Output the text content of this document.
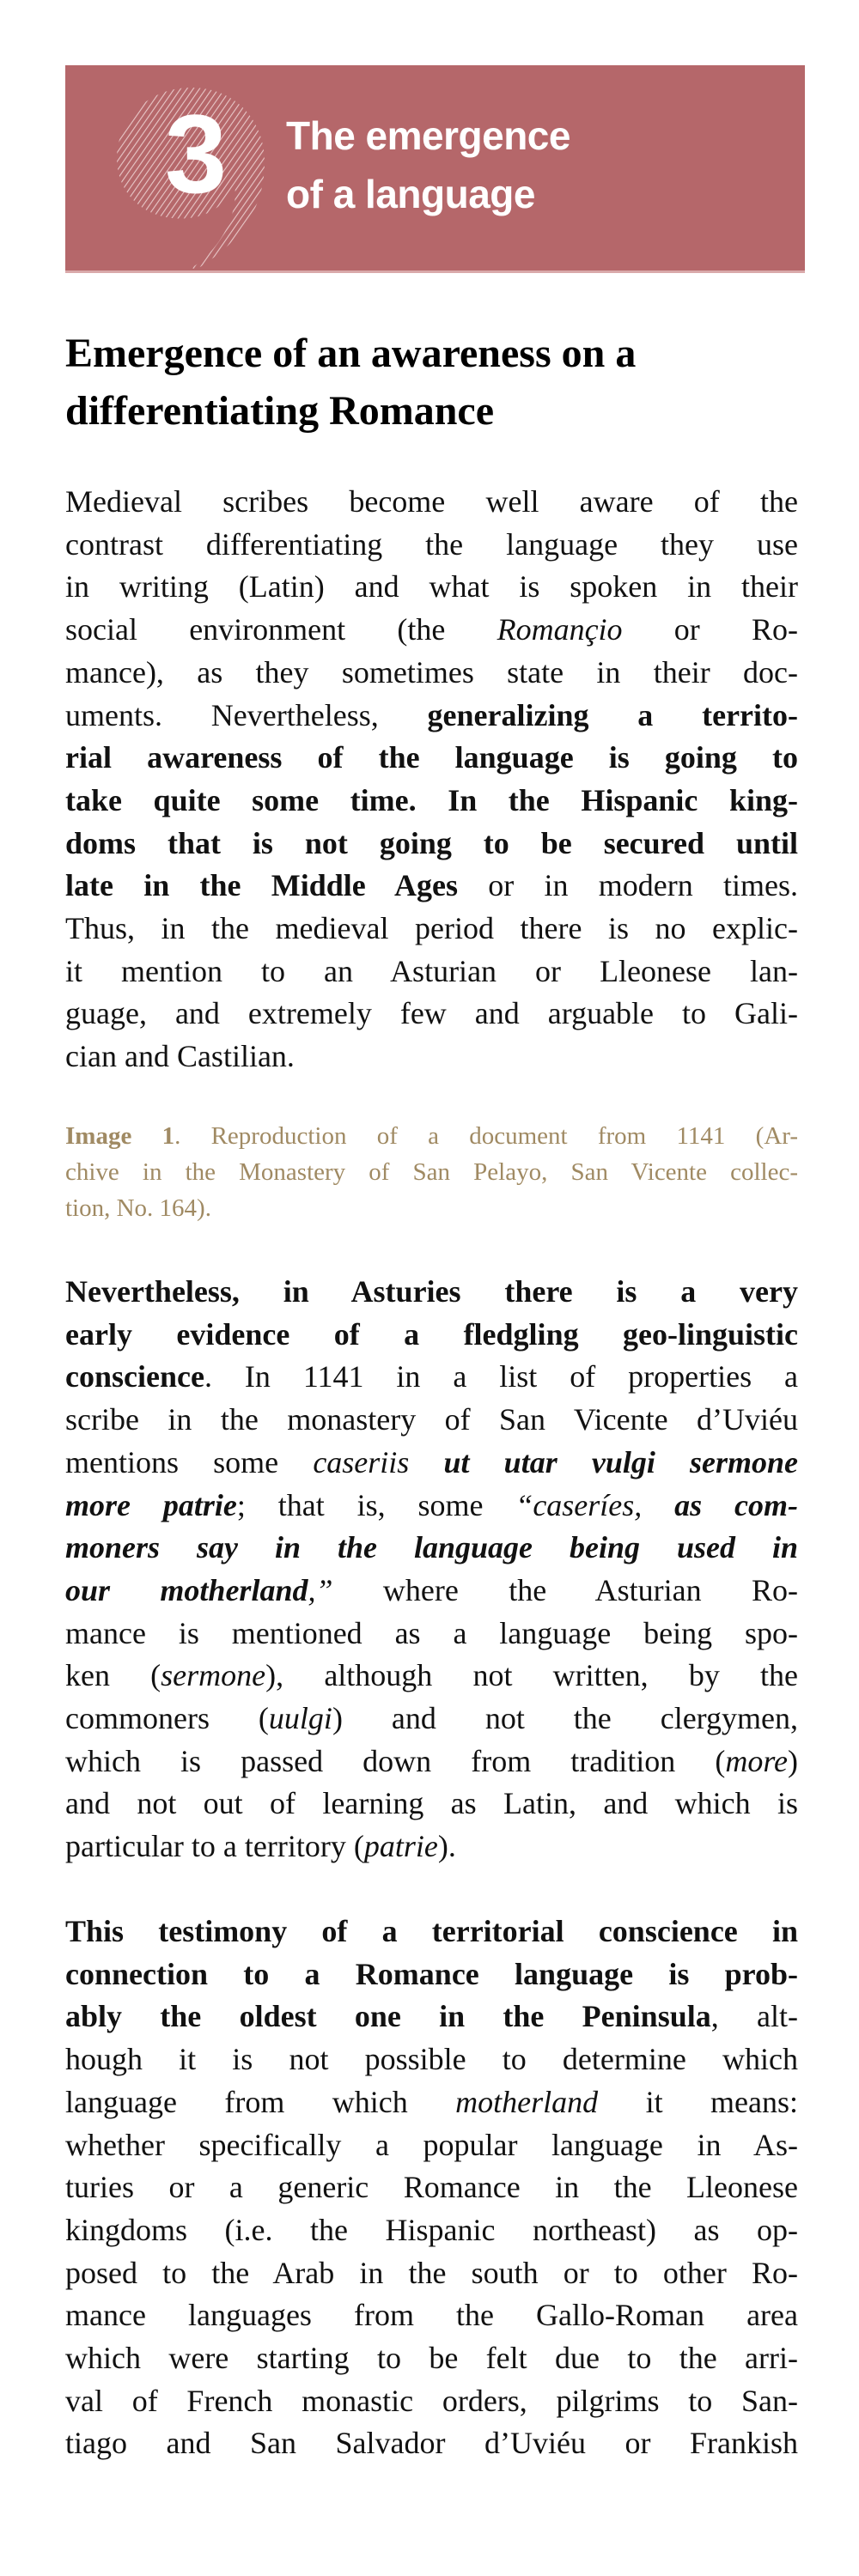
3 The emergence
of a language
Emergence of an awareness on a
differentiating Romance
Medieval scribes become well aware of the
contrast differentiating the language they use
in writing (Latin) and what is spoken in their
social environment (the Romançio or Ro-
mance), as they sometimes state in their doc-
uments. Nevertheless, generalizing a territo-
rial awareness of the language is going to
take quite some time. In the Hispanic king-
doms that is not going to be secured until
late in the Middle Ages or in modern times.
Thus, in the medieval period there is no explic-
it mention to an Asturian or Lleonese lan-
guage, and extremely few and arguable to Gali-
cian and Castilian.
Image 1. Reproduction of a document from 1141 (Ar-
chive in the Monastery of San Pelayo, San Vicente collec-
tion, No. 164).
Nevertheless, in Asturies there is a very
early evidence of a fledgling geo-linguistic
conscience. In 1141 in a list of properties a
scribe in the monastery of San Vicente d’Uviéu
mentions some caseriis ut utar vulgi sermone
more patrie; that is, some “caseríes, as com-
moners say in the language being used in
our motherland,” where the Asturian Ro-
mance is mentioned as a language being spo-
ken (sermone), although not written, by the
commoners (uulgi) and not the clergymen,
which is passed down from tradition (more)
and not out of learning as Latin, and which is
particular to a territory (patrie).
This testimony of a territorial conscience in
connection to a Romance language is prob-
ably the oldest one in the Peninsula, alt-
hough it is not possible to determine which
language from which motherland it means:
whether specifically a popular language in As-
turies or a generic Romance in the Lleonese
kingdoms (i.e. the Hispanic northeast) as op-
posed to the Arab in the south or to other Ro-
mance languages from the Gallo-Roman area
which were starting to be felt due to the arri-
val of French monastic orders, pilgrims to San-
tiago and San Salvador d’Uviéu or Frankish
